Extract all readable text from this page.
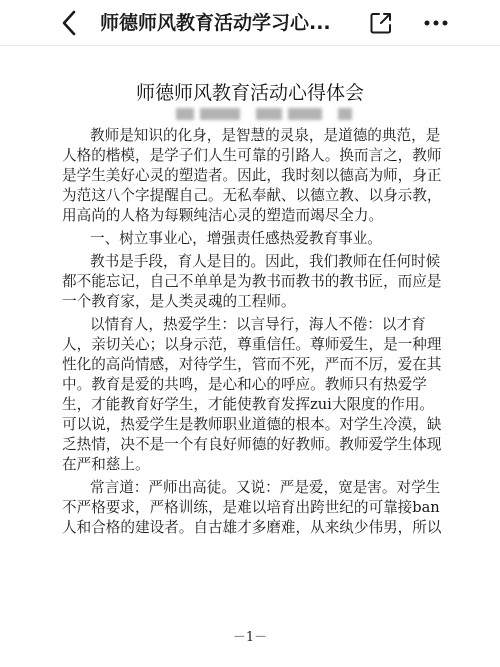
师德师风教育活动学习心...
师德师风教育活动心得体会
教师是知识的化身，是智慧的灵泉，是道德的典范，是
人格的楷模，是学子们人生可靠的引路人。换而言之，教师
是学生美好心灵的塑造者。因此，我时刻以德高为师，身正
为范这八个字提醒自己。无私奉献、以德立教、以身示教，
用高尚的人格为每颗纯洁心灵的塑造而竭尽全力。
一、树立事业心，增强责任感热爱教育事业。
教书是手段，育人是目的。因此，我们教师在任何时候
都不能忘记，自己不单单是为教书而教书的教书匠，而应是
一个教育家，是人类灵魂的工程师。
以情育人，热爱学生：以言导行，海人不倦：以才育
人，亲切关心；以身示范，尊重信任。尊师爱生，是一种理
性化的高尚情感，对待学生，管而不死，严而不厉，爱在其
中。教育是爱的共鸣，是心和心的呼应。教师只有热爱学
生，才能教育好学生，才能使教育发挥zui大限度的作用。
可以说，热爱学生是教师职业道德的根本。对学生冷漠，缺
乏热情，决不是一个有良好师德的好教师。教师爱学生体现
在严和慈上。
常言道：严师出高徒。又说：严是爱，宽是害。对学生
不严格要求，严格训练，是难以培育出跨世纪的可靠接ban
人和合格的建设者。自古雄才多磨难，从来纨少伟男，所以
－1－
